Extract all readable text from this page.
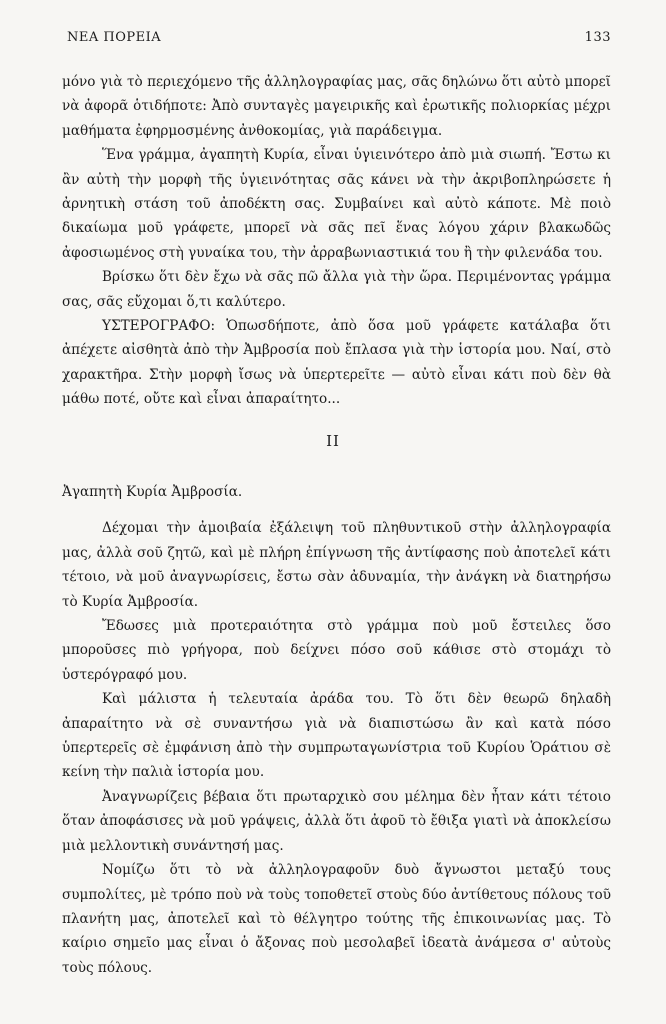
ΝΕΑ ΠΟΡΕΙΑ	133

μόνο γιὰ τὸ περιεχόμενο τῆς ἀλληλογραφίας μας, σᾶς δηλώνω ὅτι αὐτὸ μπορεῖ νὰ ἀφορᾶ ὁτιδήποτε: Ἀπὸ συνταγὲς μαγειρικῆς καὶ ἐρωτικῆς πολιορκίας μέχρι μαθήματα ἐφηρμοσμένης ἀνθοκομίας, γιὰ παράδειγμα.

Ἕνα γράμμα, ἀγαπητὴ Κυρία, εἶναι ὑγιεινότερο ἀπὸ μιὰ σιωπή. Ἔστω κι ἂν αὐτὴ τὴν μορφὴ τῆς ὑγιεινότητας σᾶς κάνει νὰ τὴν ἀκριβοπληρώσετε ἡ ἀρνητικὴ στάση τοῦ ἀποδέκτη σας. Συμβαίνει καὶ αὐτὸ κάποτε. Μὲ ποιὸ δικαίωμα μοῦ γράφετε, μπορεῖ νὰ σᾶς πεῖ ἕνας λόγου χάριν βλακωδῶς ἀφοσιωμένος στὴ γυναίκα του, τὴν ἀρραβωνιαστικιά του ἢ τὴν φιλενάδα του.

Βρίσκω ὅτι δὲν ἔχω νὰ σᾶς πῶ ἄλλα γιὰ τὴν ὥρα. Περιμένοντας γράμμα σας, σᾶς εὔχομαι ὅ,τι καλύτερο.

ΥΣΤΕΡΟΓΡΑΦΟ: Ὁπωσδήποτε, ἀπὸ ὅσα μοῦ γράφετε κατάλαβα ὅτι ἀπέχετε αἰσθητὰ ἀπὸ τὴν Ἀμβροσία ποὺ ἔπλασα γιὰ τὴν ἱστορία μου. Ναί, στὸ χαρακτῆρα. Στὴν μορφὴ ἴσως νὰ ὑπερτερεῖτε — αὐτὸ εἶναι κάτι ποὺ δὲν θὰ μάθω ποτέ, οὔτε καὶ εἶναι ἀπαραίτητο...

II

Ἀγαπητὴ Κυρία Ἀμβροσία.

Δέχομαι τὴν ἀμοιβαία ἐξάλειψη τοῦ πληθυντικοῦ στὴν ἀλληλογραφία μας, ἀλλὰ σοῦ ζητῶ, καὶ μὲ πλήρη ἐπίγνωση τῆς ἀντίφασης ποὺ ἀποτελεῖ κάτι τέτοιο, νὰ μοῦ ἀναγνωρίσεις, ἔστω σὰν ἀδυναμία, τὴν ἀνάγκη νὰ διατηρήσω τὸ Κυρία Ἀμβροσία.

Ἔδωσες μιὰ προτεραιότητα στὸ γράμμα ποὺ μοῦ ἔστειλες ὅσο μποροῦσες πιὸ γρήγορα, ποὺ δείχνει πόσο σοῦ κάθισε στὸ στομάχι τὸ ὑστερόγραφό μου.

Καὶ μάλιστα ἡ τελευταία ἀράδα του. Τὸ ὅτι δὲν θεωρῶ δηλαδὴ ἀπαραίτητο νὰ σὲ συναντήσω γιὰ νὰ διαπιστώσω ἂν καὶ κατὰ πόσο ὑπερτερεῖς σὲ ἐμφάνιση ἀπὸ τὴν συμπρωταγωνίστρια τοῦ Κυρίου Ὁράτιου σὲ κείνη τὴν παλιὰ ἱστορία μου.

Ἀναγνωρίζεις βέβαια ὅτι πρωταρχικὸ σου μέλημα δὲν ἦταν κάτι τέτοιο ὅταν ἀποφάσισες νὰ μοῦ γράψεις, ἀλλὰ ὅτι ἀφοῦ τὸ ἔθιξα γιατὶ νὰ ἀποκλείσω μιὰ μελλοντικὴ συνάντησή μας.

Νομίζω ὅτι τὸ νὰ ἀλληλογραφοῦν δυὸ ἄγνωστοι μεταξύ τους συμπολίτες, μὲ τρόπο ποὺ νὰ τοὺς τοποθετεῖ στοὺς δύο ἀντίθετους πόλους τοῦ πλανήτη μας, ἀποτελεῖ καὶ τὸ θέλγητρο τούτης τῆς ἐπικοινωνίας μας. Τὸ καίριο σημεῖο μας εἶναι ὁ ἄξονας ποὺ μεσολαβεῖ ἰδεατὰ ἀνάμεσα σ' αὐτοὺς τοὺς πόλους.
